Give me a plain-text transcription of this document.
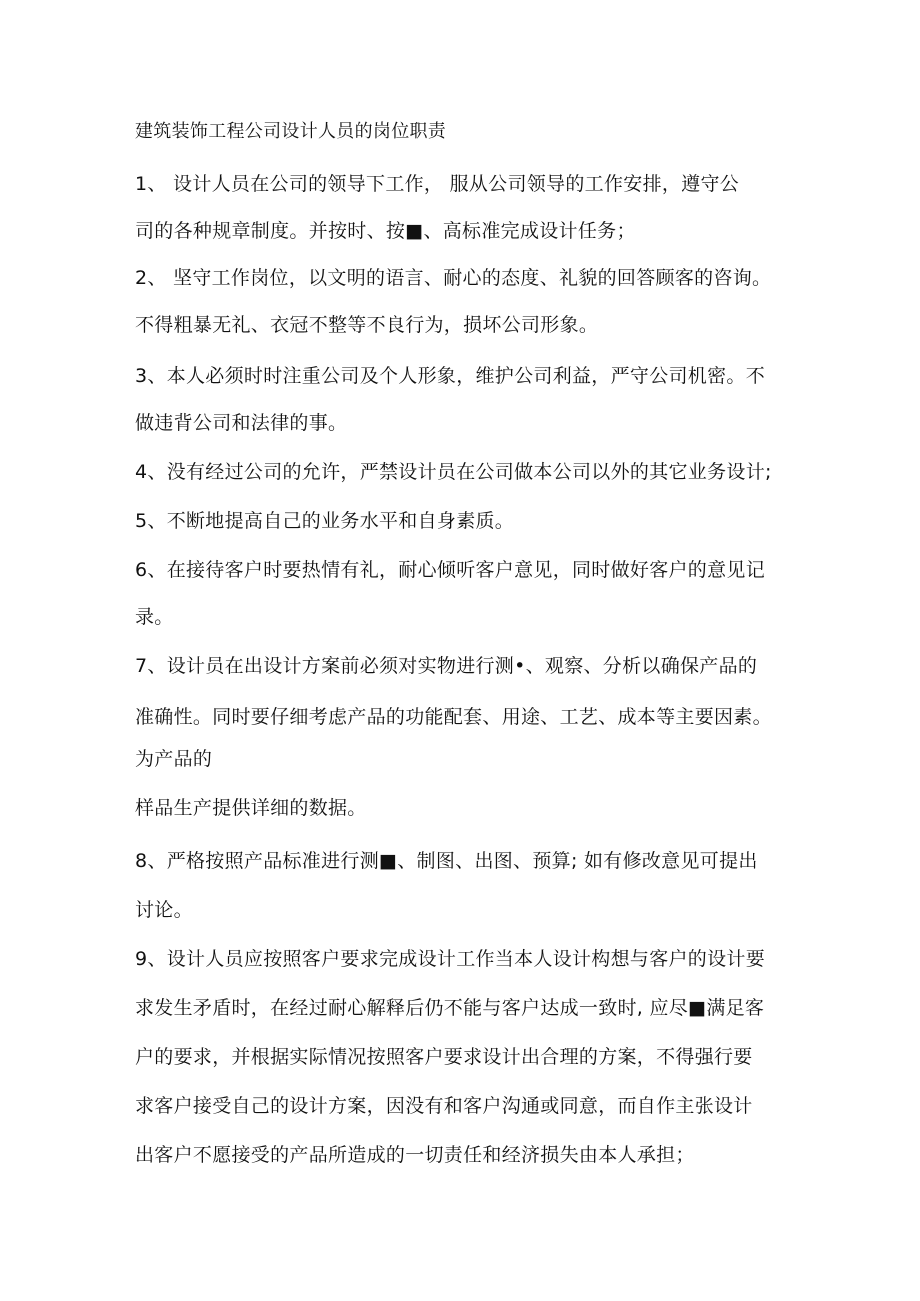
建筑装饰工程公司设计人员的岗位职责
1、 设计人员在公司的领导下工作， 服从公司领导的工作安排，遵守公
司的各种规章制度。并按时、按■、高标准完成设计任务；
2、 坚守工作岗位，以文明的语言、耐心的态度、礼貌的回答顾客的咨询。
不得粗暴无礼、衣冠不整等不良行为，损坏公司形象。
3、本人必须时时注重公司及个人形象，维护公司利益，严守公司机密。不
做违背公司和法律的事。
4、没有经过公司的允许，严禁设计员在公司做本公司以外的其它业务设计;
5、不断地提高自己的业务水平和自身素质。
6、在接待客户时要热情有礼，耐心倾听客户意见，同时做好客户的意见记
录。
7、设计员在出设计方案前必须对实物进行测•、观察、分析以确保产品的
准确性。同时要仔细考虑产品的功能配套、用途、工艺、成本等主要因素。
为产品的
样品生产提供详细的数据。
8、严格按照产品标准进行测■、制图、出图、预算; 如有修改意见可提出
讨论。
9、设计人员应按照客户要求完成设计工作当本人设计构想与客户的设计要
求发生矛盾时，在经过耐心解释后仍不能与客户达成一致时, 应尽■满足客
户的要求，并根据实际情况按照客户要求设计出合理的方案，不得强行要
求客户接受自己的设计方案，因没有和客户沟通或同意，而自作主张设计
出客户不愿接受的产品所造成的一切责任和经济损失由本人承担；
